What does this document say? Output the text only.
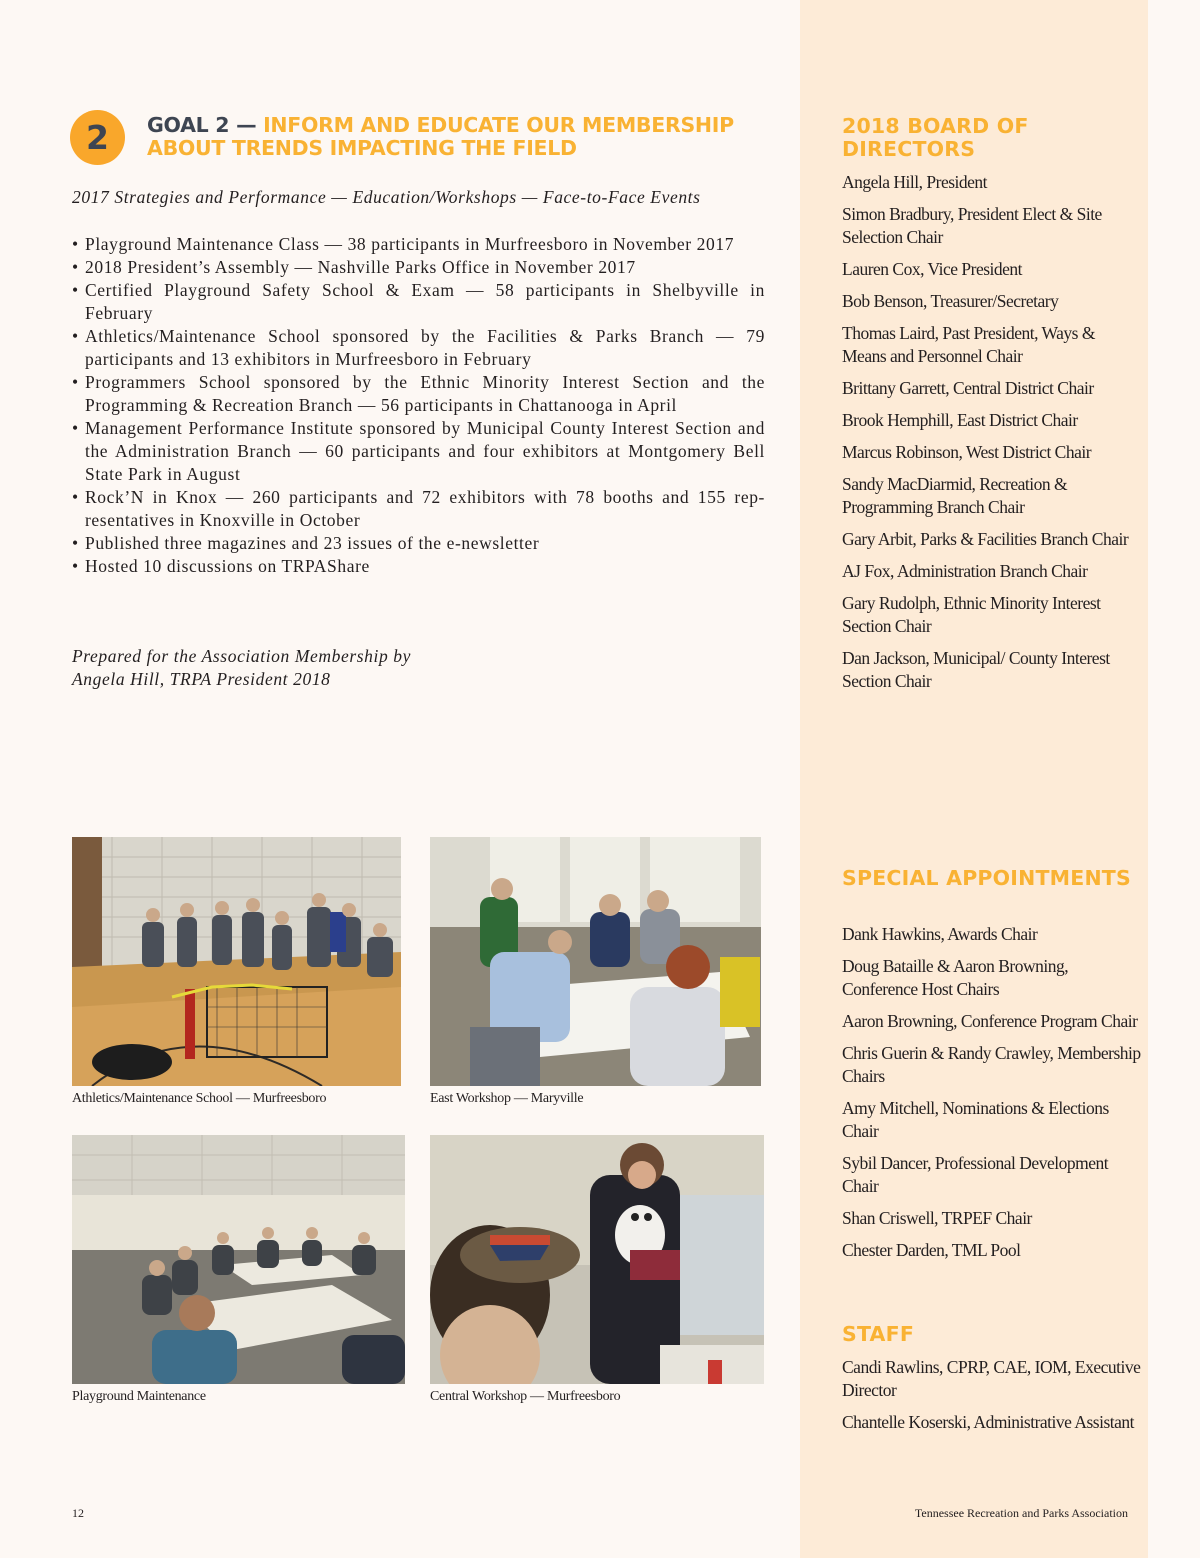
2 GOAL 2 — INFORM AND EDUCATE OUR MEMBERSHIP ABOUT TRENDS IMPACTING THE FIELD
2017 Strategies and Performance — Education/Workshops — Face-to-Face Events
• Playground Maintenance Class — 38 participants in Murfreesboro in November 2017
• 2018 President’s Assembly — Nashville Parks Office in November 2017
• Certified Playground Safety School & Exam — 58 participants in Shelbyville in February
• Athletics/Maintenance School sponsored by the Facilities & Parks Branch — 79 participants and 13 exhibitors in Murfreesboro in February
• Programmers School sponsored by the Ethnic Minority Interest Section and the Programming & Recreation Branch — 56 participants in Chattanooga in April
• Management Performance Institute sponsored by Municipal County Interest Section and the Administration Branch — 60 participants and four exhibitors at Montgomery Bell State Park in August
• Rock’N in Knox — 260 participants and 72 exhibitors with 78 booths and 155 rep-resentatives in Knoxville in October
• Published three magazines and 23 issues of the e-newsletter
• Hosted 10 discussions on TRPAShare
Prepared for the Association Membership by
Angela Hill, TRPA President 2018
Athletics/Maintenance School — Murfreesboro	East Workshop — Maryville
Playground Maintenance	Central Workshop — Murfreesboro
2018 BOARD OF DIRECTORS
Angela Hill, President
Simon Bradbury, President Elect & Site Selection Chair
Lauren Cox, Vice President
Bob Benson, Treasurer/Secretary
Thomas Laird, Past President, Ways & Means and Personnel Chair
Brittany Garrett, Central District Chair
Brook Hemphill, East District Chair
Marcus Robinson, West District Chair
Sandy MacDiarmid, Recreation & Programming Branch Chair
Gary Arbit, Parks & Facilities Branch Chair
AJ Fox, Administration Branch Chair
Gary Rudolph, Ethnic Minority Interest Section Chair
Dan Jackson, Municipal/ County Interest Section Chair
SPECIAL APPOINTMENTS
Dank Hawkins, Awards Chair
Doug Bataille & Aaron Browning, Conference Host Chairs
Aaron Browning, Conference Program Chair
Chris Guerin & Randy Crawley, Membership Chairs
Amy Mitchell, Nominations & Elections Chair
Sybil Dancer, Professional Development Chair
Shan Criswell, TRPEF Chair
Chester Darden, TML Pool
STAFF
Candi Rawlins, CPRP, CAE, IOM, Executive Director
Chantelle Koserski, Administrative Assistant
12	Tennessee Recreation and Parks Association
